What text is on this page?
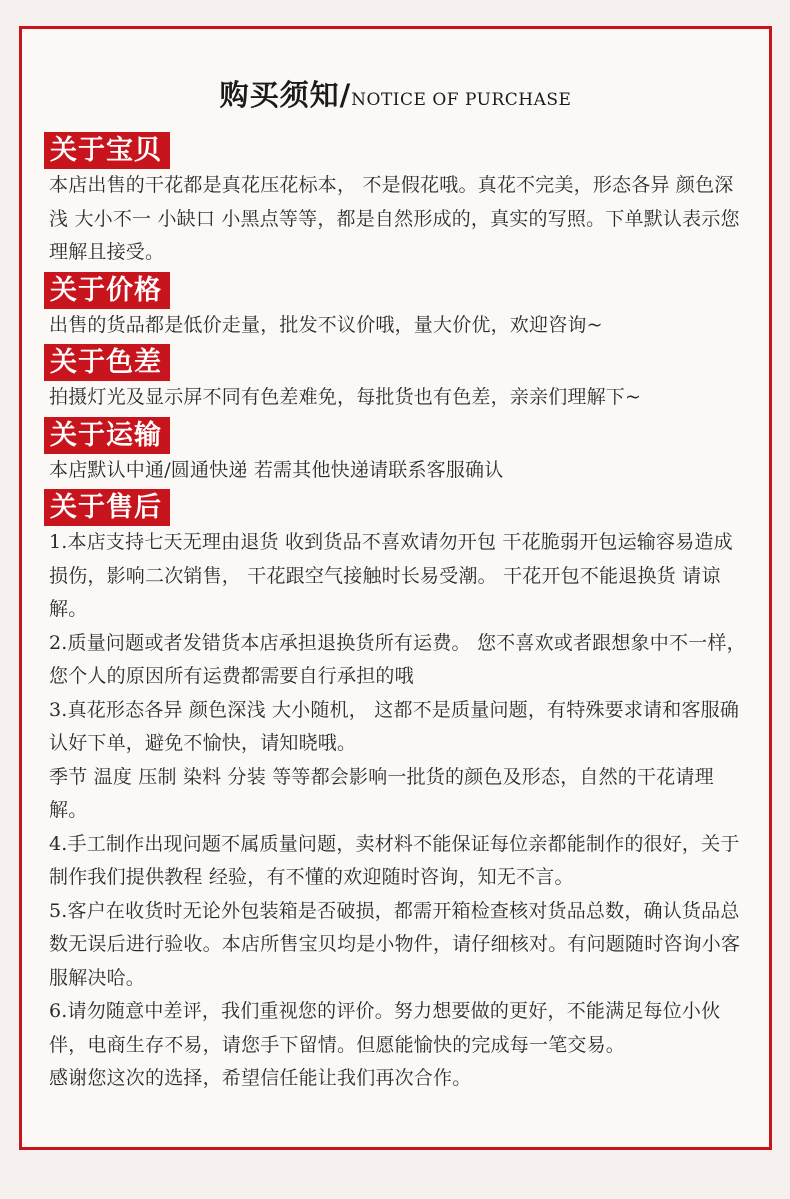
购买须知/NOTICE OF PURCHASE
关于宝贝

本店出售的干花都是真花压花标本， 不是假花哦。真花不完美，形态各异 颜色深浅 大小不一 小缺口 小黑点等等，都是自然形成的，真实的写照。下单默认表示您理解且接受。

关于价格

出售的货品都是低价走量，批发不议价哦，量大价优，欢迎咨询~

关于色差

拍摄灯光及显示屏不同有色差难免，每批货也有色差，亲亲们理解下~

关于运输

本店默认中通/圆通快递 若需其他快递请联系客服确认

关于售后

1.本店支持七天无理由退货 收到货品不喜欢请勿开包 干花脆弱开包运输容易造成损伤，影响二次销售， 干花跟空气接触时长易受潮。 干花开包不能退换货 请谅解。

2.质量问题或者发错货本店承担退换货所有运费。 您不喜欢或者跟想象中不一样， 您个人的原因所有运费都需要自行承担的哦

3.真花形态各异 颜色深浅 大小随机， 这都不是质量问题，有特殊要求请和客服确认好下单，避免不愉快，请知晓哦。

季节 温度 压制 染料 分装 等等都会影响一批货的颜色及形态，自然的干花请理解。

4.手工制作出现问题不属质量问题，卖材料不能保证每位亲都能制作的很好，关于制作我们提供教程 经验，有不懂的欢迎随时咨询，知无不言。

5.客户在收货时无论外包装箱是否破损，都需开箱检查核对货品总数，确认货品总数无误后进行验收。本店所售宝贝均是小物件，请仔细核对。有问题随时咨询小客服解决哈。

6.请勿随意中差评，我们重视您的评价。努力想要做的更好，不能满足每位小伙伴，电商生存不易，请您手下留情。但愿能愉快的完成每一笔交易。

感谢您这次的选择，希望信任能让我们再次合作。
